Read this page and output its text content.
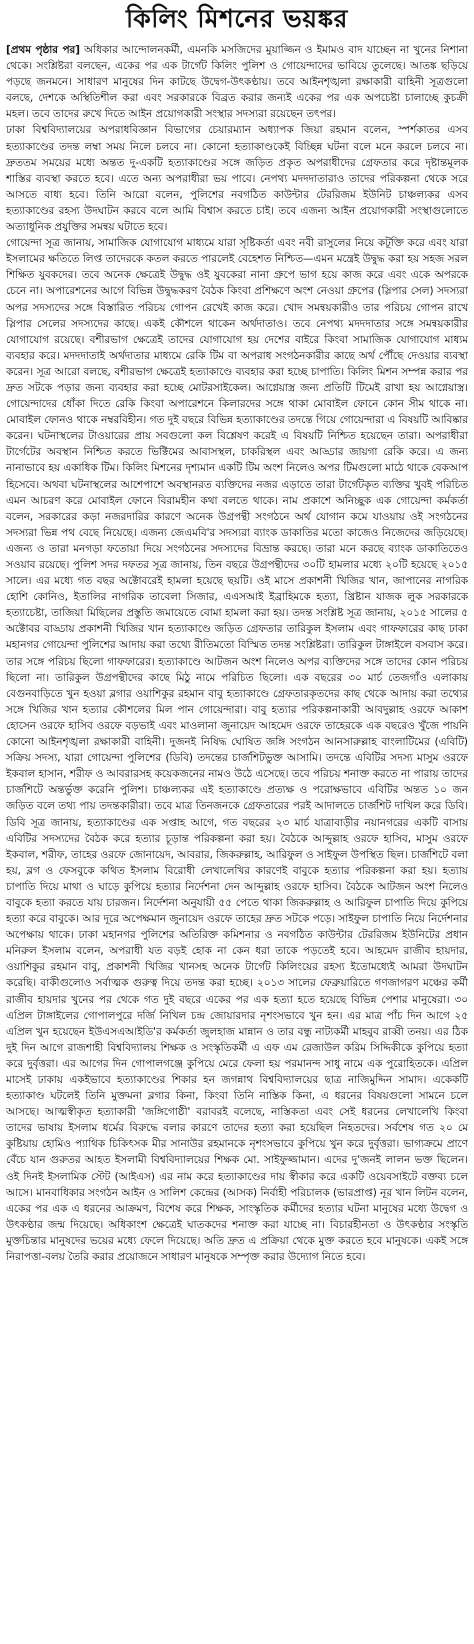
কিলিং মিশনের ভয়ঙ্কর

[প্রথম পৃষ্ঠার পর] অধিকার আন্দোলনকর্মী, এমনকি মসজিদের মুয়াজ্জিন ও ইমামও বাদ যাচ্ছেন না খুনের নিশানা থেকে। সংশ্লিষ্টরা বলছেন, একের পর এক টার্গেট কিলিং পুলিশ ও গোয়েন্দাদের ভাবিয়ে তুলেছে। আতঙ্ক ছড়িয়ে পড়ছে জনমনে। সাধারণ মানুষের দিন কাটছে উদ্বেগ-উৎকণ্ঠায়। তবে আইনশৃঙ্খলা রক্ষাকারী বাহিনী সূত্রগুলো বলছে, দেশকে অস্থিতিশীল করা এবং সরকারকে বিব্রত করার জন্যই একের পর এক অপচেষ্টা চালাচ্ছে কুচক্রী মহল। তবে তাদের রুখে দিতে আইন প্রয়োগকারী সংস্থার সদস্যরা রয়েছেন তৎপর।

ঢাকা বিশ্ববিদ্যালয়ের অপরাধবিজ্ঞান বিভাগের চেয়ারম্যান অধ্যাপক জিয়া রহমান বলেন, স্পর্শকাতর এসব হত্যাকাণ্ডের তদন্ত লম্বা সময় নিলে চলবে না। কোনো হত্যাকাণ্ডকেই বিচ্ছিন্ন ঘটনা বলে মনে করলে চলবে না। দ্রুততম সময়ের মধ্যে অন্তত দু-একটি হত্যাকাণ্ডের সঙ্গে জড়িত প্রকৃত অপরাধীদের গ্রেফতার করে দৃষ্টান্তমূলক শাস্তির ব্যবস্থা করতে হবে। এতে অন্য অপরাধীরা ভয় পাবে। নেপথ্য মদদদাতারাও তাদের পরিকল্পনা থেকে সরে আসতে বাধ্য হবে। তিনি আরো বলেন, পুলিশের নবগঠিত কাউন্টার টেররিজম ইউনিট চাঞ্চল্যকর এসব হত্যাকাণ্ডের রহস্য উদঘাটন করবে বলে আমি বিশ্বাস করতে চাই। তবে এজন্য আইন প্রয়োগকারী সংস্থাগুলোতে অত্যাধুনিক প্রযুক্তির সমন্বয় ঘটাতে হবে।

গোয়েন্দা সূত্র জানায়, সামাজিক যোগাযোগ মাধ্যমে যারা সৃষ্টিকর্তা এবং নবী রাসুলের নিয়ে কটূক্তি করে এবং যারা ইসলামের ক্ষতিতে লিপ্ত তাদেরকে কতল করতে পারলেই বেহেশত নিশ্চিত—এমন মন্ত্রেই উদ্বুদ্ধ করা হয় সহজ সরল শিক্ষিত যুবকদের। তবে অনেক ক্ষেত্রেই উদ্বুদ্ধ ওই যুবকেরা নানা গ্রুপে ভাগ হয়ে কাজ করে এবং একে অপরকে চেনে না। অপারেশনের আগে বিভিন্ন উদ্বুদ্ধকরণ বৈঠক কিংবা প্রশিক্ষণে অংশ নেওয়া গ্রুপের (স্লিপার সেল) সদস্যরা অপর সদস্যদের সঙ্গে বিস্তারিত পরিচয় গোপন রেখেই কাজ করে। খোদ সমন্বয়কারীও তার পরিচয় গোপন রাখে স্লিপার সেলের সদস্যদের কাছে। একই কৌশলে থাকেন অর্থদাতাও। তবে নেপথ্য মদদদাতার সঙ্গে সমন্বয়কারীর যোগাযোগ রয়েছে। বশীরভাগ ক্ষেত্রেই তাদের যোগাযোগ হয় দেশের বাইরে কিংবা সামাজিক যোগাযোগ মাধ্যম ব্যবহার করে। মদদদাতাই অর্থদাতার মাধ্যমে রেকি টিম বা অপরাধ সংগঠনকারীর কাছে অর্থ পৌঁছে দেওয়ার ব্যবস্থা করেন। সূত্র আরো বলছে, বশীরভাগ ক্ষেত্রেই হত্যাকাণ্ডে ব্যবহার করা হচ্ছে চাপাতি। কিলিং মিশন সম্পন্ন করার পর দ্রুত সটকে পড়ার জন্য ব্যবহার করা হচ্ছে মোটরসাইকেল। আগ্নেয়াস্ত্র জন্য প্রতিটি টিমেই রাখা হয় আগ্নেয়াস্ত্র। গোয়েন্দাদের ধোঁকা দিতে রেকি কিংবা অপারেশনে কিলারদের সঙ্গে থাকা মোবাইল ফোনে কোন সীম থাকে না। মোবাইল ফোনও থাকে নম্বরবিহীন। গত দুই বছরে বিভিন্ন হত্যাকাণ্ডের তদন্তে গিয়ে গোয়েন্দারা এ বিষয়টি আবিষ্কার করেন। ঘটনাস্থলের টাওয়ারের প্রায় সবগুলো কল বিশ্লেষণ করেই এ বিষয়টি নিশ্চিত হয়েছেন তারা। অপরাধীরা টার্গেটের অবস্থান নিশ্চিত করতে ভিক্টিমের আবাসস্থল, চাকরিস্থল এবং আড্ডার জায়গা রেকি করে। এ জন্য নানাভাবে হয় একাধিক টিম। কিলিং মিশনের দৃশ্যমান একটি টিম অংশ নিলেও অপর টিমগুলো মাঠে থাকে বেকআপ হিসেবে। অথবা ঘটনাস্থলের আশেপাশে অবস্থানরত ব্যক্তিদের নজর এড়াতে তারা টার্গেটকৃত ব্যক্তির খুবই পরিচিত এমন আচরণ করে মোবাইল ফোনে বিরামহীন কথা বলতে থাকে। নাম প্রকাশে অনিচ্ছুক এক গোয়েন্দা কর্মকর্তা বলেন, সরকারের কড়া নজরদারির কারণে অনেক উগ্রপন্থী সংগঠনে অর্থ যোগান কমে যাওয়ায় ওই সংগঠনের সদস্যরা ভিন্ন পথ বেছে নিয়েছে। এজন্য জেএমবি'র সদস্যরা ব্যাংক ডাকাতির মতো কাজেও নিজেদের জড়িয়েছে। এজন্য ও তারা মনগড়া ফতোয়া দিয়ে সংগঠনের সদস্যদের বিভ্রান্ত করছে। তারা মনে করছে ব্যাংক ডাকাতিতেও সওয়াব রয়েছে। পুলিশ সদর দফতর সূত্র জানায়, তিন বছরে উগ্রপন্থীদের ৩০টি হামলার মধ্যে ২০টি হয়েছে ২০১৫ সালে। এর মধ্যে গত বছর অক্টোবরেই হামলা হয়েছে ছয়টি। ওই মাসে প্রকাশনী খিজির খান, জাপানের নাগরিক হোশি কোনিও, ইতালির নাগরিক তাবেলা সিজার, এএসআই ইব্রাহিমকে হত্যা, খ্রিষ্টান যাজক লুক সরকারকে হত্যাচেষ্টা, তাজিয়া মিছিলের প্রস্তুতি জমায়েতে বোমা হামলা করা হয়। তদন্ত সংশ্লিষ্ট সূত্র জানায়, ২০১৫ সালের ৫ অক্টোবর বাড্ডায় প্রকাশনী খিজির খান হত্যাকাণ্ডে জড়িত গ্রেফতার তারিকুল ইসলাম এবং গাফফারের কাছ ঢাকা মহানগর গোয়েন্দা পুলিশের আদায় করা তথ্যে রীতিমতো বিস্মিত তদন্ত সংশ্লিষ্টরা। তারিকুল টাঙ্গাইলে বসবাস করে। তার সঙ্গে পরিচয় ছিলো গাফফারের। হত্যাকাণ্ডে আটজন অংশ নিলেও অপর ব্যক্তিদের সঙ্গে তাদের কোন পরিচয় ছিলো না। তারিকুল উগ্রপন্থীদের কাছে মিঠু নামে পরিচিত ছিলো। এক বছরের ৩০ মার্চ তেজগাঁও এলাকায় বেগুনবাড়িতে খুন হওয়া ব্লগার ওয়াশিকুর রহমান বাবু হত্যাকাণ্ডে গ্রেফতারকৃতদের কাছ থেকে আদায় করা তথ্যের সঙ্গে খিজির খান হত্যার কৌশলের মিল পান গোয়েন্দারা। বাবু হত্যার পরিকল্পনাকারী আবদুল্লাহ ওরফে আকাশ হোসেন ওরফে হাসিব ওরফে বড়ভাই এবং মাওলানা জুনায়েদ আহমেদ ওরফে তাহেরকে এক বছরেও খুঁজে পায়নি কোনো আইনশৃঙ্খলা রক্ষাকারী বাহিনী। দুজনই নিষিদ্ধ ঘোষিত জঙ্গি সংগঠন আনসারুল্লাহ বাংলাটিমের (এবিটি) সক্রিয় সদস্য, যারা গোয়েন্দা পুলিশের (ডিবি) তদন্তের চার্জশিটভুক্ত আসামি। তদন্তে এবিটির সদস্য মাসুম ওরফে ইকবাল হাসান, শরীফ ও আবরারসহ কয়েকজনের নামও উঠে এসেছে। তবে পরিচয় শনাক্ত করতে না পারায় তাদের চার্জশিটে অন্তর্ভুক্ত করেনি পুলিশ। চাঞ্চল্যকর এই হত্যাকাণ্ডে প্রত্যক্ষ ও পরোক্ষভাবে এবিটির অন্তত ১০ জন জড়িত বলে তথ্য পায় তদন্তকারীরা। তবে মাত্র তিনজনকে গ্রেফতারের পরই আদালতে চার্জশিট দাখিল করে ডিবি। ডিবি সূত্র জানায়, হত্যাকাণ্ডের এক সপ্তাহ আগে, গত বছরের ২৩ মার্চ যাত্রাবাড়ীর নয়ানগরের একটি বাসায় এবিটির সদস্যদের বৈঠক করে হত্যার চূড়ান্ত পরিকল্পনা করা হয়। বৈঠকে আব্দুল্লাহ ওরফে হাসিব, মাসুম ওরফে ইকবাল, শরীফ, তাহের ওরফে জোনায়েদ, আবরার, জিকরুল্লাহ, আরিফুল ও সাইফুল উপস্থিত ছিল। চার্জশিটে বলা হয়, ব্লগ ও ফেসবুকে কথিত ইসলাম বিরোধী লেখালেখির কারণেই বাবুকে হত্যার পরিকল্পনা করা হয়। হত্যায় চাপাতি দিয়ে মাথা ও ঘাড়ে কুপিয়ে হত্যার নির্দেশনা দেন আব্দুল্লাহ ওরফে হাসিব। বৈঠকে আটজন অংশ নিলেও বাবুকে হত্যা করতে যায় চারজন। নির্দেশনা অনুযায়ী ৫৫ পেতে থাকা জিকরুল্লাহ ও আরিফুল চাপাতি দিয়ে কুপিয়ে হত্যা করে বাবুকে। আর দূরে অপেক্ষমান জুনায়েদ ওরফে তাহের দ্রুত সটকে পড়ে। সাইফুল চাপাতি নিয়ে নির্দেশনার অপেক্ষায় থাকে। ঢাকা মহানগর পুলিশের অতিরিক্ত কমিশনার ও নবগঠিত কাউন্টার টেররিজম ইউনিটের প্রধান মনিরুল ইসলাম বলেন, অপরাধী যত বড়ই হোক না কেন ধরা তাকে পড়তেই হবে। আহমেদ রাজীব হায়দার, ওয়াশিকুর রহমান বাবু, প্রকাশনী খিজির খানসহ অনেক টার্গেট কিলিংয়ের রহস্য ইতোমধ্যেই আমরা উদঘাটন করেছি। বাকীগুলোও সর্বাত্মক গুরুত্ব দিয়ে তদন্ত করা হচ্ছে। ২০১৩ সালের ফেব্রুয়ারিতে গণজাগরণ মঞ্চের কর্মী রাজীব হায়দার খুনের পর থেকে গত দুই বছরে একের পর এক হত্যা হতে হয়েছে বিভিন্ন পেশার মানুষেরা। ৩০ এপ্রিল টাঙ্গাইলের গোপালপুরে দর্জি নিখিল চন্দ্র জোয়ারদার নৃশংসভাবে খুন হন। এর মাত্র পাঁচ দিন আগে ২৫ এপ্রিল খুন হয়েছেন ইউএসএআইডি'র কর্মকর্তা জুলহাজ মান্নান ও তার বন্ধু নাট্যকর্মী মাহবুব রাব্বী তনয়। এর ঠিক দুই দিন আগে রাজশাহী বিশ্ববিদ্যালয় শিক্ষক ও সংস্কৃতিকর্মী এ এফ এম রেজাউল করিম সিদ্দিকীকে কুপিয়ে হত্যা করে দুর্বৃত্তরা। এর আগের দিন গোপালগঞ্জে কুপিয়ে মেরে ফেলা হয় পরমানন্দ সাধু নামে এক পুরোহিতকে। এপ্রিল মাসেই ঢাকায় একইভাবে হত্যাকাণ্ডের শিকার হন জগন্নাথ বিশ্ববিদ্যালয়ের ছাত্র নাজিমুদ্দিন সামাদ। একেকটি হত্যাকাণ্ড ঘটলেই তিনি মুক্তমনা ব্লগার কিনা, কিংবা তিনি নাস্তিক কিনা, এ ধরনের বিষয়গুলো সামনে চলে আসছে। আত্মস্বীকৃত হত্যাকারী 'জঙ্গিগোষ্ঠী' বরাবরই বলেছে, নাস্তিকতা এবং সেই ধরনের লেখালেখি কিংবা তাদের ভাষায় ইসলাম ধর্মের বিরুদ্ধে বলার কারণে তাদের হত্যা করা হয়েছিল নিহতদের। সর্বশেষ গত ২০ মে কুষ্টিয়ায় হোমিও প্যাথিক চিকিৎসক মীর সানাউর রহমানকে নৃশংসভাবে কুপিয়ে খুন করে দুর্বৃত্তরা। ভাগ্যক্রমে প্রাণে বেঁচে যান গুরুতর আহত ইসলামী বিশ্ববিদ্যালয়ের শিক্ষক মো. সাইফুজ্জামান। এদের দু'জনই লালন ভক্ত ছিলেন। ওই দিনই ইসলামিক স্টেট (আইএস) এর নাম করে হত্যাকাণ্ডের দায় স্বীকার করে একটি ওয়েবসাইটে বক্তব্য চলে আসে। মানবাধিকার সংগঠন আইন ও সালিশ কেন্দ্রের (আসক) নির্বাহী পরিচালক (ভারপ্রাপ্ত) নূর খান লিটন বলেন, একের পর এক এ ধরনের আক্রমণ, বিশেষ করে শিক্ষক, সাংস্কৃতিক কর্মীদের হত্যার ঘটনা মানুষের মধ্যে উদ্বেগ ও উৎকণ্ঠার জন্ম দিয়েছে। অধিকাংশ ক্ষেত্রেই ঘাতকদের শনাক্ত করা যাচ্ছে না। বিচারহীনতা ও উৎকণ্ঠার সংস্কৃতি মুক্তচিন্তার মানুষদের ভয়ের মধ্যে ফেলে দিয়েছে। অতি দ্রুত এ প্রক্রিয়া থেকে মুক্ত করতে হবে মানুষকে। একই সঙ্গে নিরাপত্তা-বলয় তৈরি করার প্রয়োজনে সাধারণ মানুষকে সম্পৃক্ত করার উদ্যোগ নিতে হবে।
